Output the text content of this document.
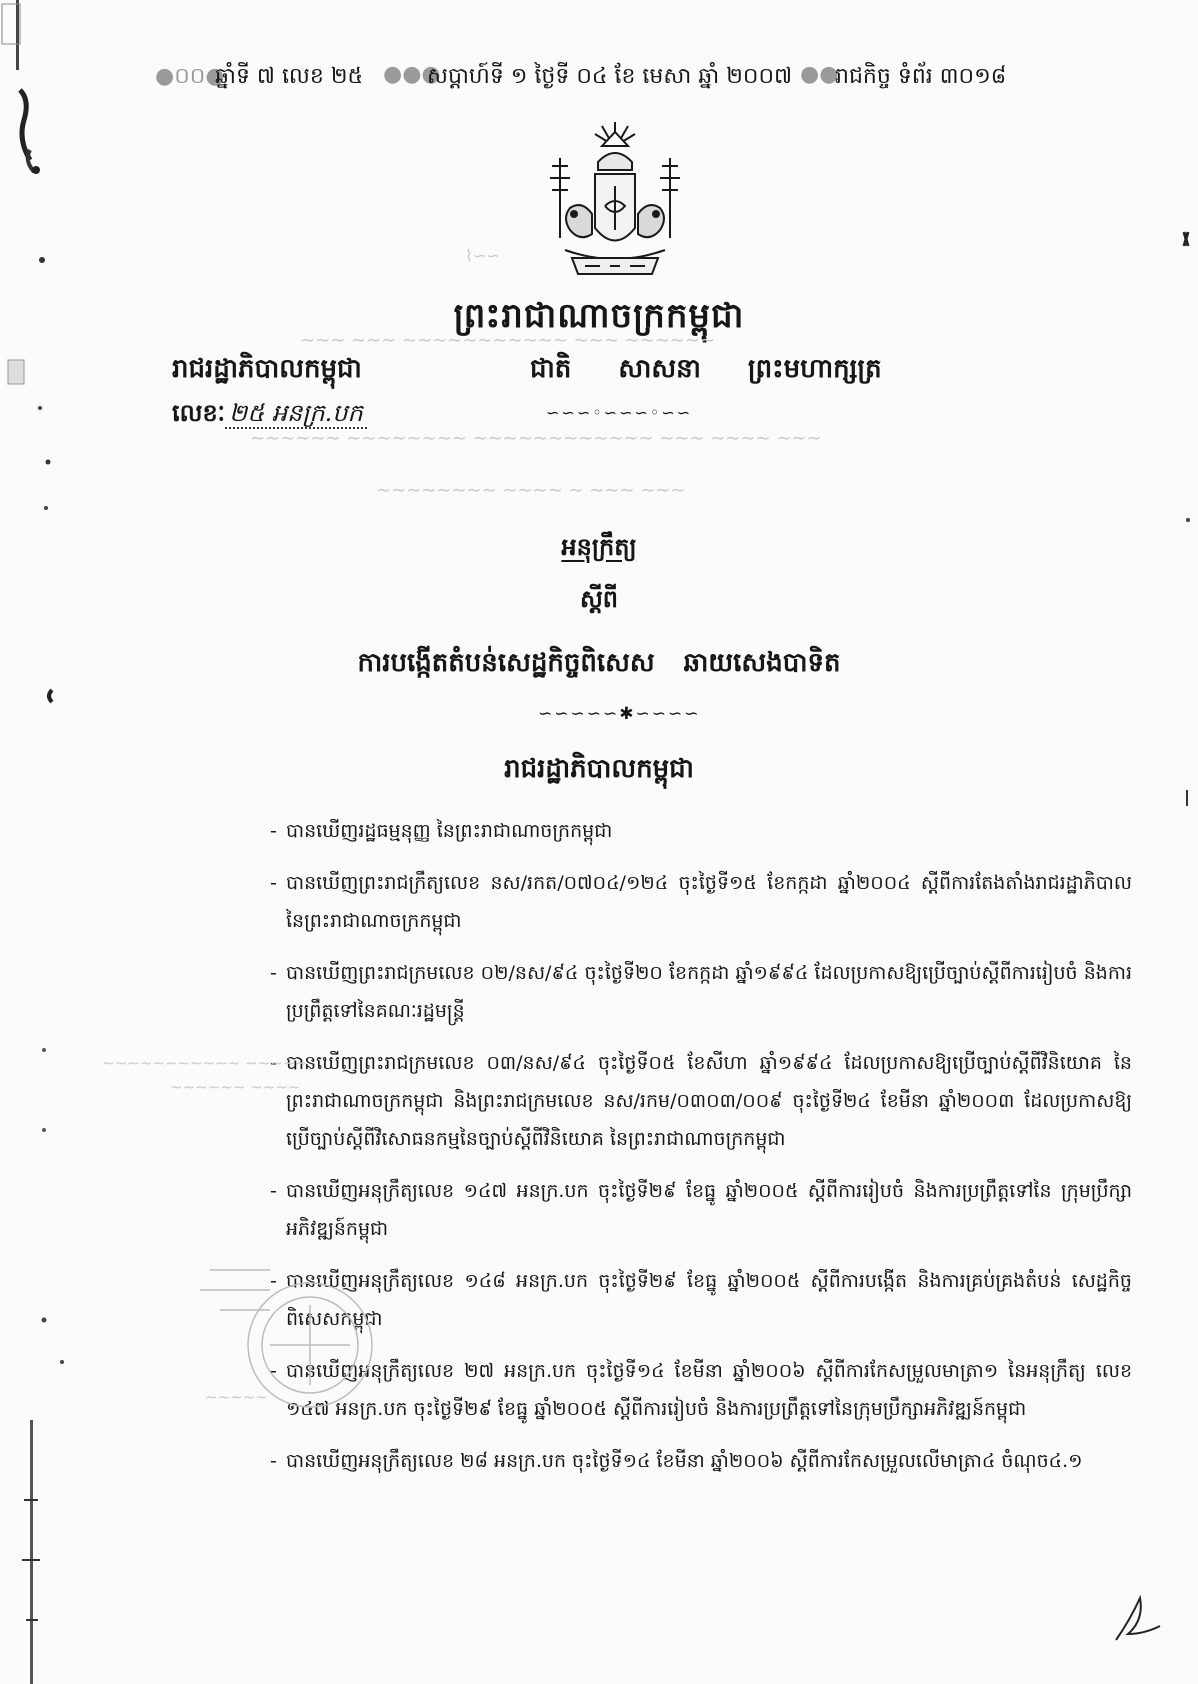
●០០●
ឆ្នាំទី ៧ លេខ ២៥ ●●●
សប្តាហ៍ទី ១ ថ្ងៃទី ០៤ ខែ មេសា ឆ្នាំ ២០០៧ ●●
រាជកិច្ច ទំព័រ ៣០១៨
⌇∽∽
ព្រះរាជាណាចក្រកម្ពុជា
រាជរដ្ឋាភិបាលកម្ពុជា	ជាតិ សាសនា ព្រះមហាក្សត្រ
លេខៈ ២៥ អនក្រ.បក	∽∽∽◦∽∽∽◦∽∽
∼∼∼ ∼∼∼ ∼∼∼∼∼∼∼∼∼∼∼ ∼∼∼ ∼∼∼∼∼∼
∼∼∼∼∼∼ ∼∼∼∼∼∼∼∼ ∼∼∼∼∼∼∼∼∼∼∼∼ ∼∼∼ ∼∼∼∼ ∼∼∼
∼∼∼∼∼∼∼∼ ∼∼∼∼ ∼ ∼∼∼ ∼∼∼
អនុក្រឹត្យ
ស្តីពី
ការបង្កើតតំបន់សេដ្ឋកិច្ចពិសេស ឆាយសេងបាទិត
∽∽∽∽∽✱∽∽∽∽
រាជរដ្ឋាភិបាលកម្ពុជា
- បានឃើញរដ្ឋធម្មនុញ្ញ នៃព្រះរាជាណាចក្រកម្ពុជា
- បានឃើញព្រះរាជក្រឹត្យលេខ នស/រកត/០៧០៤/១២៤ ចុះថ្ងៃទី១៥ ខែកក្កដា ឆ្នាំ២០០៤ ស្តីពីការតែងតាំងរាជរដ្ឋាភិបាល នៃព្រះរាជាណាចក្រកម្ពុជា
- បានឃើញព្រះរាជក្រមលេខ ០២/នស/៩៤ ចុះថ្ងៃទី២០ ខែកក្កដា ឆ្នាំ១៩៩៤ ដែលប្រកាសឱ្យប្រើច្បាប់ស្តីពីការរៀបចំ និងការប្រព្រឹត្តទៅនៃគណៈរដ្ឋមន្ត្រី
- បានឃើញព្រះរាជក្រមលេខ ០៣/នស/៩៤ ចុះថ្ងៃទី០៥ ខែសីហា ឆ្នាំ១៩៩៤ ដែលប្រកាសឱ្យប្រើច្បាប់ស្តីពីវិនិយោគ នៃព្រះរាជាណាចក្រកម្ពុជា និងព្រះរាជក្រមលេខ នស/រកម/០៣០៣/០០៩ ចុះថ្ងៃទី២៤ ខែមីនា ឆ្នាំ២០០៣ ដែលប្រកាសឱ្យប្រើច្បាប់ស្តីពីវិសោធនកម្មនៃច្បាប់ស្តីពីវិនិយោគ នៃព្រះរាជាណាចក្រកម្ពុជា
- បានឃើញអនុក្រឹត្យលេខ ១៤៧ អនក្រ.បក ចុះថ្ងៃទី២៩ ខែធ្នូ ឆ្នាំ២០០៥ ស្តីពីការរៀបចំ និងការប្រព្រឹត្តទៅនៃ ក្រុមប្រឹក្សាអភិវឌ្ឍន៍កម្ពុជា
- បានឃើញអនុក្រឹត្យលេខ ១៤៨ អនក្រ.បក ចុះថ្ងៃទី២៩ ខែធ្នូ ឆ្នាំ២០០៥ ស្តីពីការបង្កើត និងការគ្រប់គ្រងតំបន់ សេដ្ឋកិច្ចពិសេសកម្ពុជា
- បានឃើញអនុក្រឹត្យលេខ ២៧ អនក្រ.បក ចុះថ្ងៃទី១៤ ខែមីនា ឆ្នាំ២០០៦ ស្តីពីការកែសម្រួលមាត្រា១ នៃអនុក្រឹត្យ លេខ ១៤៧ អនក្រ.បក ចុះថ្ងៃទី២៩ ខែធ្នូ ឆ្នាំ២០០៥ ស្តីពីការរៀបចំ និងការប្រព្រឹត្តទៅនៃក្រុមប្រឹក្សាអភិវឌ្ឍន៍កម្ពុជា
- បានឃើញអនុក្រឹត្យលេខ ២៨ អនក្រ.បក ចុះថ្ងៃទី១៤ ខែមីនា ឆ្នាំ២០០៦ ស្តីពីការកែសម្រួលលើមាត្រា៤ ចំណុច៤.១
∼∼∼∼∼∼∼∼∼∼∼ ∼∼∼∼∼
∼∼∼∼∼∼ ∼∼∼∼
∼∼∼∼∼
